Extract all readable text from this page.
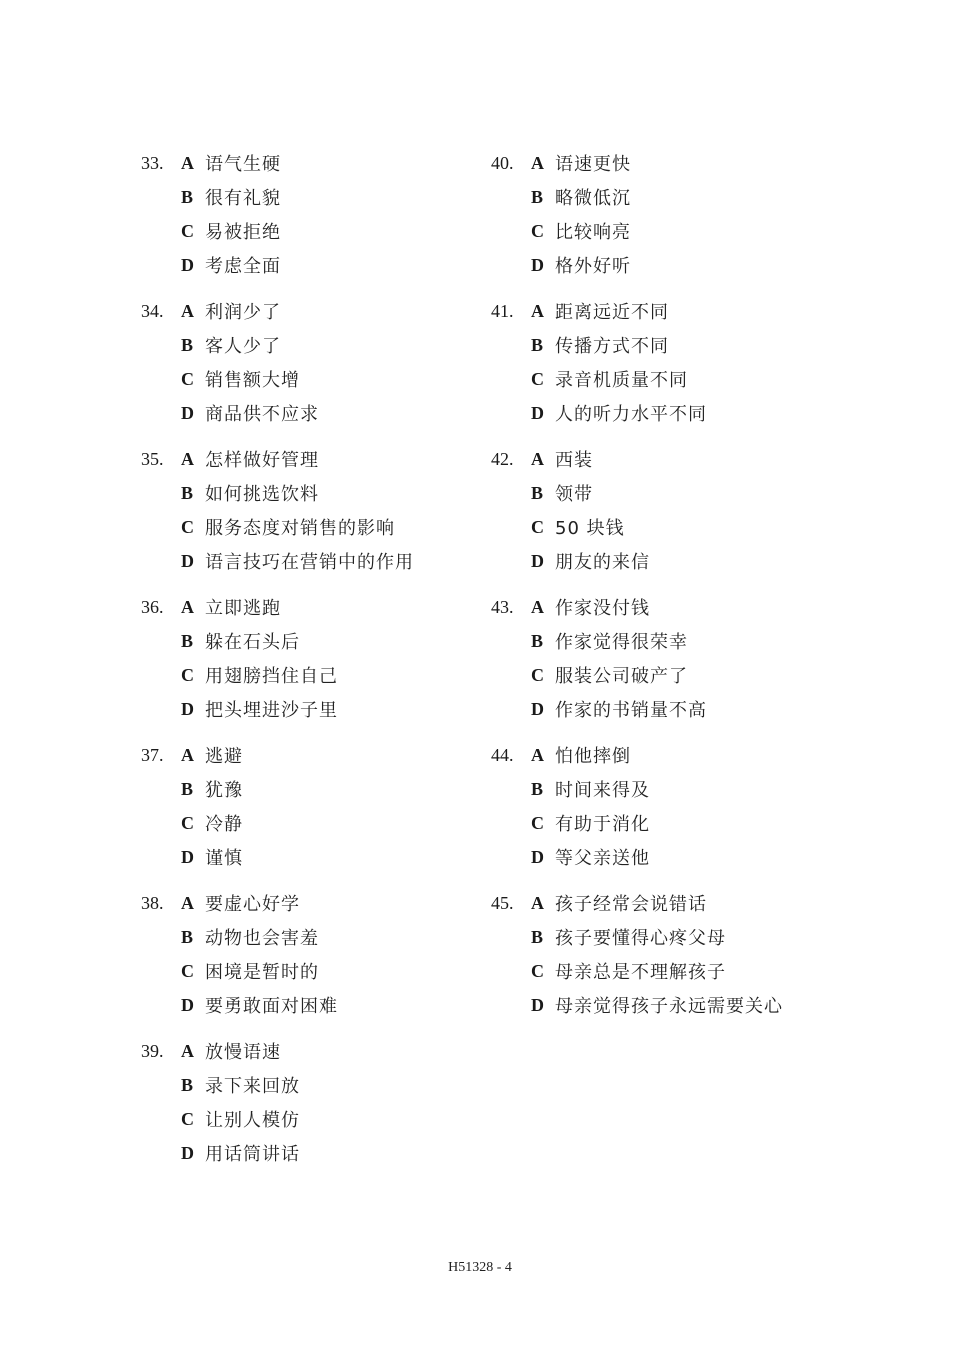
33. A 语气生硬
B 很有礼貌
C 易被拒绝
D 考虑全面
34. A 利润少了
B 客人少了
C 销售额大增
D 商品供不应求
35. A 怎样做好管理
B 如何挑选饮料
C 服务态度对销售的影响
D 语言技巧在营销中的作用
36. A 立即逃跑
B 躲在石头后
C 用翅膀挡住自己
D 把头埋进沙子里
37. A 逃避
B 犹豫
C 冷静
D 谨慎
38. A 要虚心好学
B 动物也会害羞
C 困境是暂时的
D 要勇敢面对困难
39. A 放慢语速
B 录下来回放
C 让别人模仿
D 用话筒讲话
40. A 语速更快
B 略微低沉
C 比较响亮
D 格外好听
41. A 距离远近不同
B 传播方式不同
C 录音机质量不同
D 人的听力水平不同
42. A 西装
B 领带
C 50 块钱
D 朋友的来信
43. A 作家没付钱
B 作家觉得很荣幸
C 服装公司破产了
D 作家的书销量不高
44. A 怕他摔倒
B 时间来得及
C 有助于消化
D 等父亲送他
45. A 孩子经常会说错话
B 孩子要懂得心疼父母
C 母亲总是不理解孩子
D 母亲觉得孩子永远需要关心
H51328 - 4
